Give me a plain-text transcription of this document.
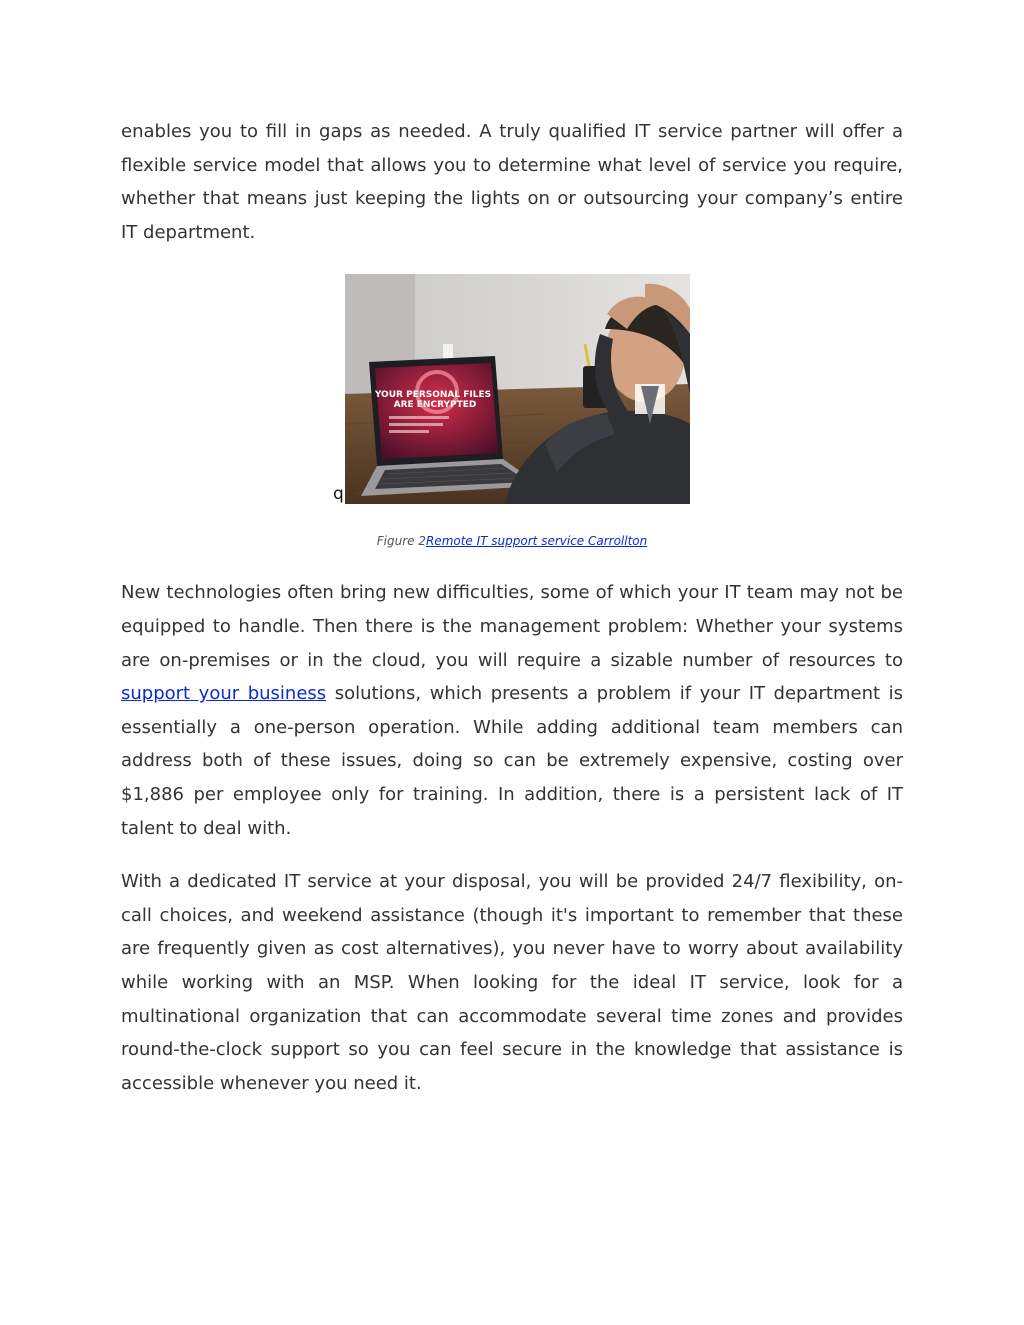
enables you to fill in gaps as needed. A truly qualified IT service partner will offer a flexible service model that allows you to determine what level of service you require, whether that means just keeping the lights on or outsourcing your company’s entire IT department.

q
YOUR PERSONAL FILES
ARE ENCRYPTED

Figure 2Remote IT support service Carrollton

New technologies often bring new difficulties, some of which your IT team may not be equipped to handle. Then there is the management problem: Whether your systems are on-premises or in the cloud, you will require a sizable number of resources to support your business solutions, which presents a problem if your IT department is essentially a one-person operation. While adding additional team members can address both of these issues, doing so can be extremely expensive, costing over $1,886 per employee only for training. In addition, there is a persistent lack of IT talent to deal with.

With a dedicated IT service at your disposal, you will be provided 24/7 flexibility, on-call choices, and weekend assistance (though it's important to remember that these are frequently given as cost alternatives), you never have to worry about availability while working with an MSP. When looking for the ideal IT service, look for a multinational organization that can accommodate several time zones and provides round-the-clock support so you can feel secure in the knowledge that assistance is accessible whenever you need it.
